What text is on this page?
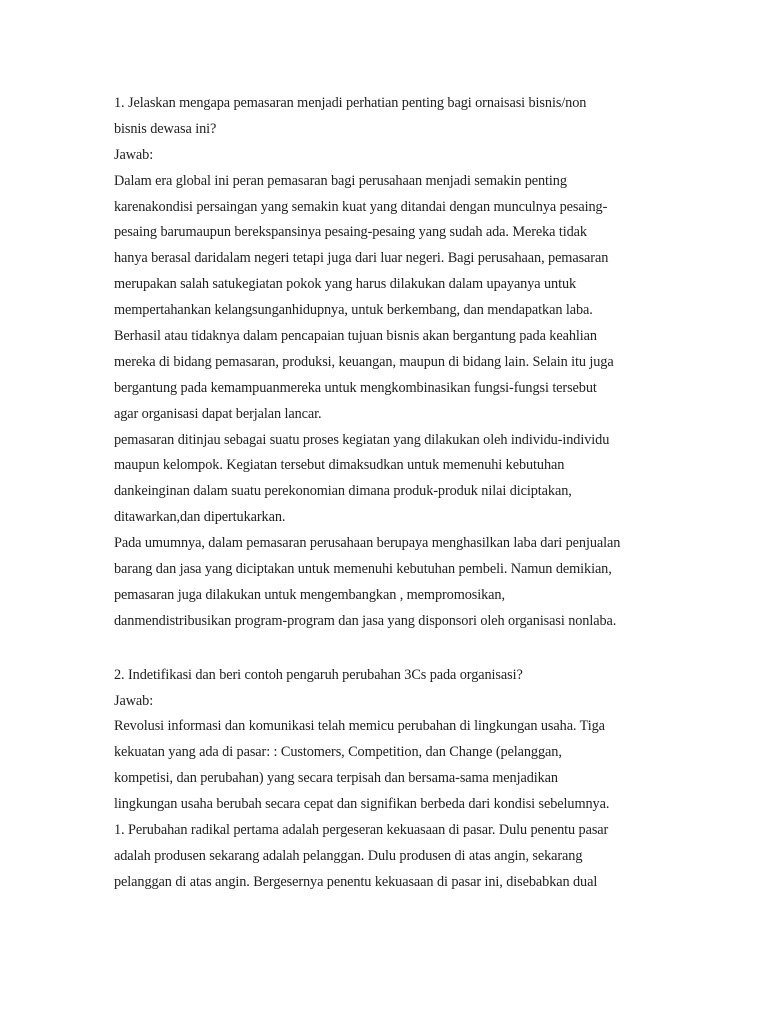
1. Jelaskan mengapa pemasaran menjadi perhatian penting bagi ornaisasi bisnis/non
bisnis dewasa ini?
Jawab:
Dalam era global ini peran pemasaran bagi perusahaan menjadi semakin penting
karenakondisi persaingan yang semakin kuat yang ditandai dengan munculnya pesaing-
pesaing barumaupun berekspansinya pesaing-pesaing yang sudah ada. Mereka tidak
hanya berasal daridalam negeri tetapi juga dari luar negeri. Bagi perusahaan, pemasaran
merupakan salah satukegiatan pokok yang harus dilakukan dalam upayanya untuk
mempertahankan kelangsunganhidupnya, untuk berkembang, dan mendapatkan laba.
Berhasil atau tidaknya dalam pencapaian tujuan bisnis akan bergantung pada keahlian
mereka di bidang pemasaran, produksi, keuangan, maupun di bidang lain. Selain itu juga
bergantung pada kemampuanmereka untuk mengkombinasikan fungsi-fungsi tersebut
agar organisasi dapat berjalan lancar.
pemasaran ditinjau sebagai suatu proses kegiatan yang dilakukan oleh individu-individu
maupun kelompok. Kegiatan tersebut dimaksudkan untuk memenuhi kebutuhan
dankeinginan dalam suatu perekonomian dimana produk-produk nilai diciptakan,
ditawarkan,dan dipertukarkan.
Pada umumnya, dalam pemasaran perusahaan berupaya menghasilkan laba dari penjualan
barang dan jasa yang diciptakan untuk memenuhi kebutuhan pembeli. Namun demikian,
pemasaran juga dilakukan untuk mengembangkan , mempromosikan,
danmendistribusikan program-program dan jasa yang disponsori oleh organisasi nonlaba.
2. Indetifikasi dan beri contoh pengaruh perubahan 3Cs pada organisasi?
Jawab:
Revolusi informasi dan komunikasi telah memicu perubahan di lingkungan usaha. Tiga
kekuatan yang ada di pasar: : Customers, Competition, dan Change (pelanggan,
kompetisi, dan perubahan) yang secara terpisah dan bersama-sama menjadikan
lingkungan usaha berubah secara cepat dan signifikan berbeda dari kondisi sebelumnya.
1. Perubahan radikal pertama adalah pergeseran kekuasaan di pasar. Dulu penentu pasar
adalah produsen sekarang adalah pelanggan. Dulu produsen di atas angin, sekarang
pelanggan di atas angin. Bergesernya penentu kekuasaan di pasar ini, disebabkan dual
